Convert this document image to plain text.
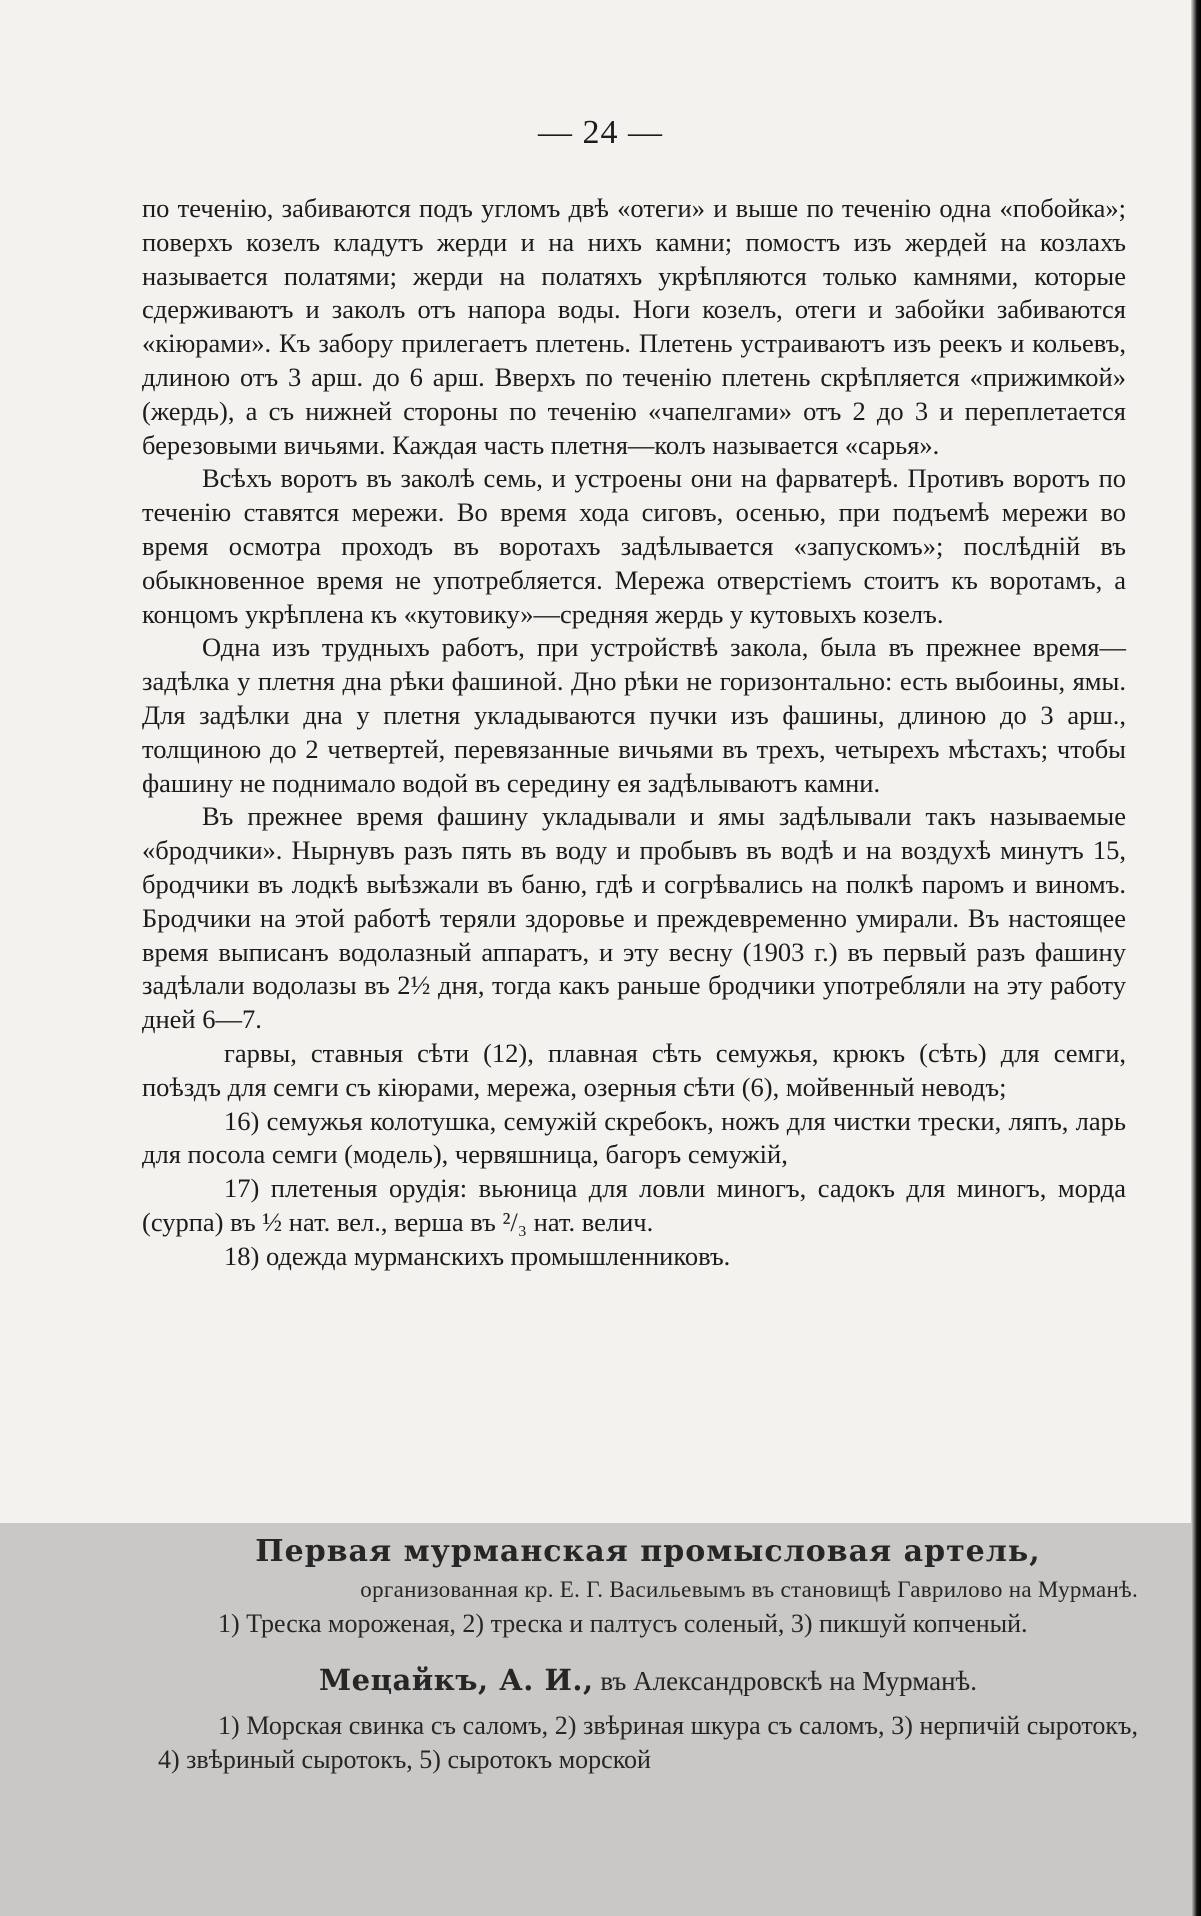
— 24 —

по теченію, забиваются подъ угломъ двѣ «отеги» и выше по теченію одна «побойка»; поверхъ козелъ кладутъ жерди и на нихъ камни; помостъ изъ жердей на козлахъ называется полатями; жерди на полатяхъ укрѣпляются только камнями, которые сдерживаютъ и заколъ отъ напора воды. Ноги козелъ, отеги и забойки забиваются «кіюрами». Къ забору прилегаетъ плетень. Плетень устраиваютъ изъ реекъ и кольевъ, длиною отъ 3 арш. до 6 арш. Вверхъ по теченію плетень скрѣпляется «прижимкой» (жердь), а съ нижней стороны по теченію «чапелгами» отъ 2 до 3 и переплетается березовыми вичьями. Каждая часть плетня—колъ называется «сарья».

Всѣхъ воротъ въ заколѣ семь, и устроены они на фарватерѣ. Противъ воротъ по теченію ставятся мережи. Во время хода сиговъ, осенью, при подъемѣ мережи во время осмотра проходъ въ воротахъ задѣлывается «запускомъ»; послѣдній въ обыкновенное время не употребляется. Мережа отверстіемъ стоитъ къ воротамъ, а концомъ укрѣплена къ «кутовику»—средняя жердь у кутовыхъ козелъ.

Одна изъ трудныхъ работъ, при устройствѣ закола, была въ прежнее время—задѣлка у плетня дна рѣки фашиной. Дно рѣки не горизонтально: есть выбоины, ямы. Для задѣлки дна у плетня укладываются пучки изъ фашины, длиною до 3 арш., толщиною до 2 четвертей, перевязанные вичьями въ трехъ, четырехъ мѣстахъ; чтобы фашину не поднимало водой въ середину ея задѣлываютъ камни.

Въ прежнее время фашину укладывали и ямы задѣлывали такъ называемые «бродчики». Нырнувъ разъ пять въ воду и пробывъ въ водѣ и на воздухѣ минутъ 15, бродчики въ лодкѣ выѣзжали въ баню, гдѣ и согрѣвались на полкѣ паромъ и виномъ. Бродчики на этой работѣ теряли здоровье и преждевременно умирали. Въ настоящее время выписанъ водолазный аппаратъ, и эту весну (1903 г.) въ первый разъ фашину задѣлали водолазы въ 2½ дня, тогда какъ раньше бродчики употребляли на эту работу дней 6—7.

гарвы, ставныя сѣти (12), плавная сѣть семужья, крюкъ (сѣть) для семги, поѣздъ для семги съ кіюрами, мережа, озерныя сѣти (6), мойвенный неводъ;

16) семужья колотушка, семужій скребокъ, ножъ для чистки трески, ляпъ, ларь для посола семги (модель), червяшница, багоръ семужій,

17) плетеныя орудія: вьюница для ловли миногъ, садокъ для миногъ, морда (сурпа) въ ½ нат. вел., верша въ ²/₃ нат. велич.

18) одежда мурманскихъ промышленниковъ.

Первая мурманская промысловая артель,
организованная кр. Е. Г. Васильевымъ въ становищѣ Гаврилово на Мурманѣ.
1) Треска мороженая, 2) треска и палтусъ соленый, 3) пикшуй копченый.
Мецайкъ, А. И., въ Александровскѣ на Мурманѣ.
1) Морская свинка съ саломъ, 2) звѣриная шкура съ саломъ, 3) нерпичій сыротокъ, 4) звѣриный сыротокъ, 5) сыротокъ морской
